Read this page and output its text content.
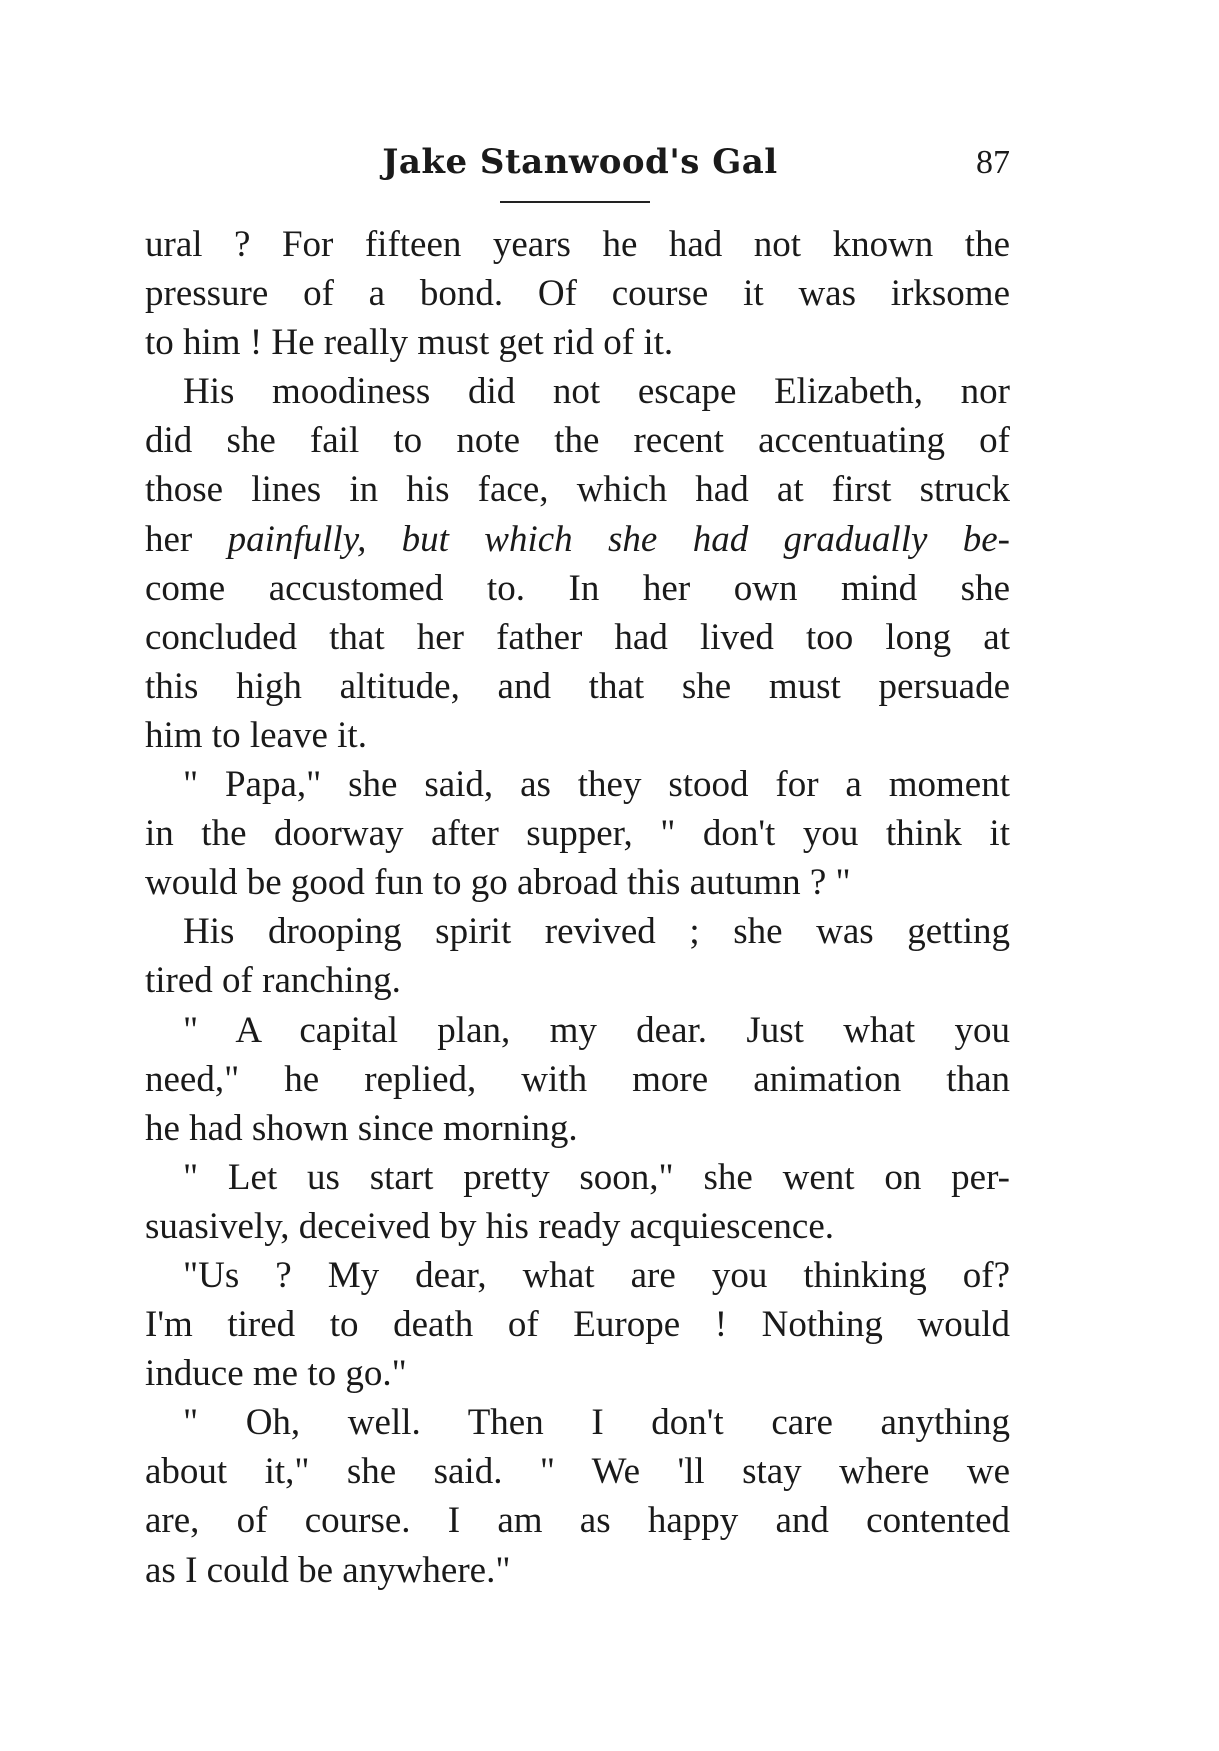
Jake Stanwood's Gal	87
ural ? For fifteen years he had not known the
pressure of a bond. Of course it was irksome
to him ! He really must get rid of it.
His moodiness did not escape Elizabeth, nor
did she fail to note the recent accentuating of
those lines in his face, which had at first struck
her painfully, but which she had gradually be-
come accustomed to. In her own mind she
concluded that her father had lived too long at
this high altitude, and that she must persuade
him to leave it.
" Papa," she said, as they stood for a moment
in the doorway after supper, " don't you think it
would be good fun to go abroad this autumn ? "
His drooping spirit revived ; she was getting
tired of ranching.
" A capital plan, my dear. Just what you
need," he replied, with more animation than
he had shown since morning.
" Let us start pretty soon," she went on per-
suasively, deceived by his ready acquiescence.
"Us ? My dear, what are you thinking of?
I'm tired to death of Europe ! Nothing would
induce me to go."
" Oh, well. Then I don't care anything
about it," she said. " We 'll stay where we
are, of course. I am as happy and contented
as I could be anywhere."
